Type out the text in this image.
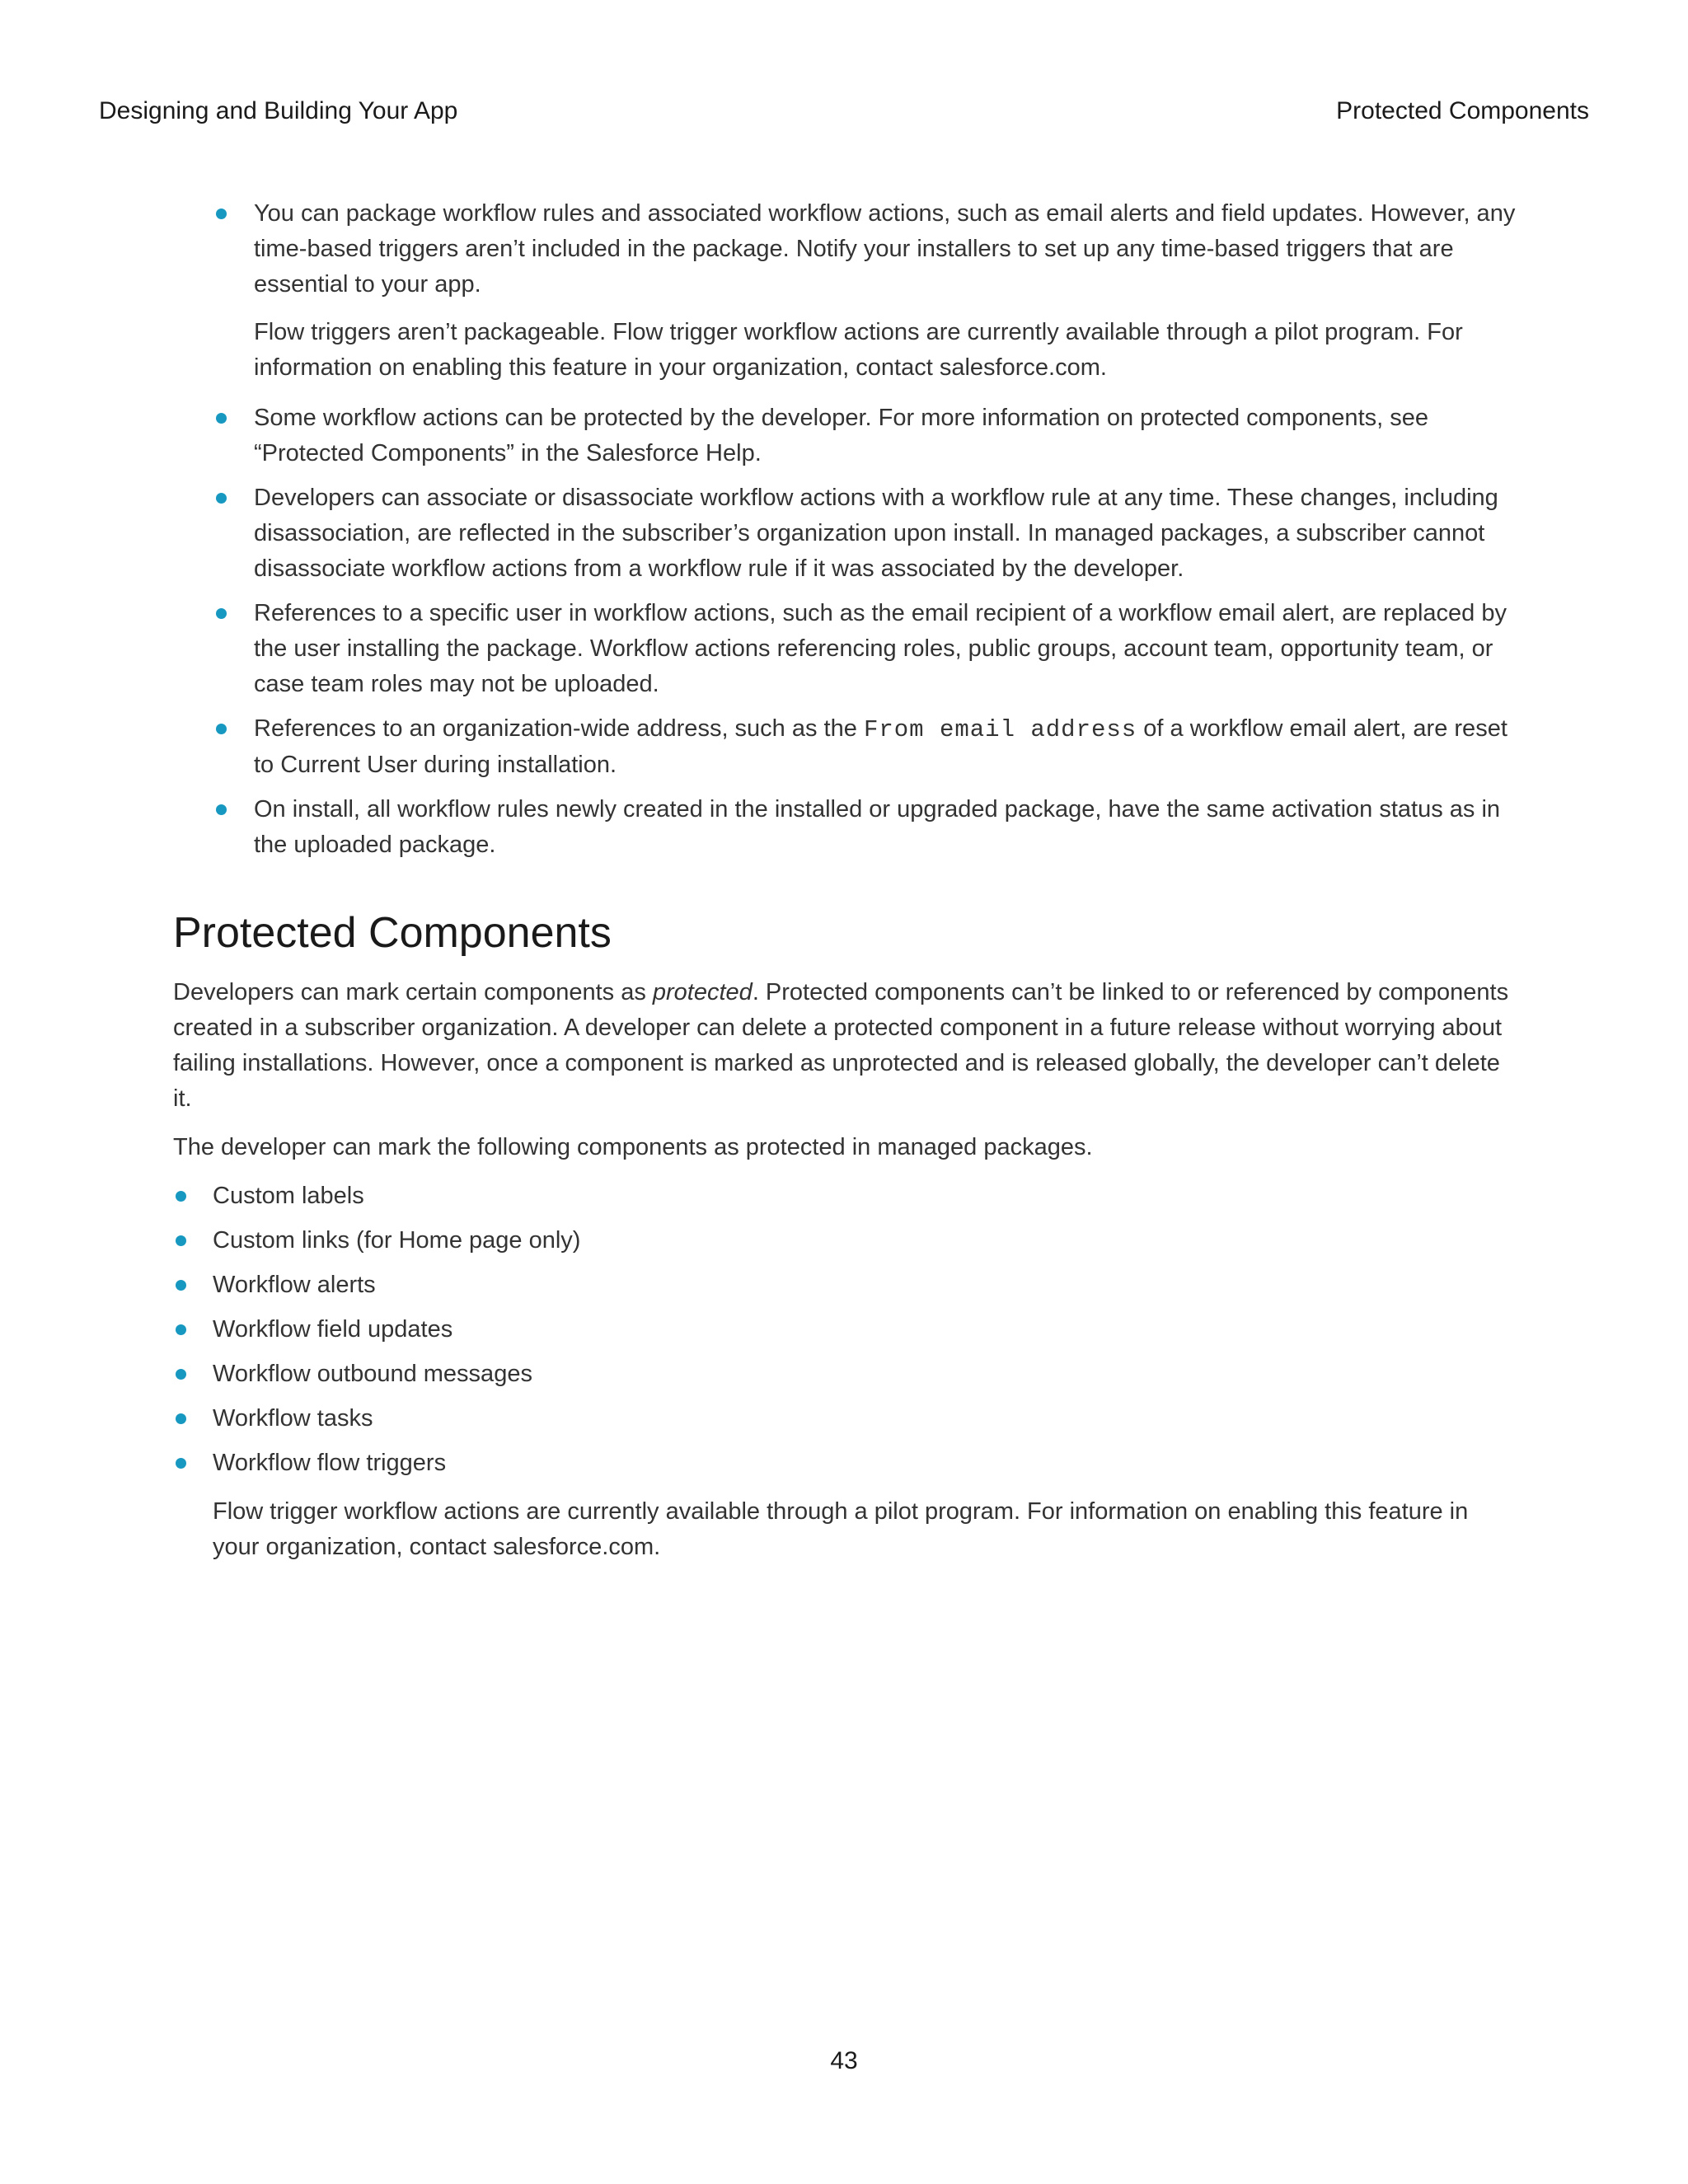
Designing and Building Your App	Protected Components

You can package workflow rules and associated workflow actions, such as email alerts and field updates. However, any time-based triggers aren’t included in the package. Notify your installers to set up any time-based triggers that are essential to your app.

Flow triggers aren’t packageable. Flow trigger workflow actions are currently available through a pilot program. For information on enabling this feature in your organization, contact salesforce.com.

Some workflow actions can be protected by the developer. For more information on protected components, see “Protected Components” in the Salesforce Help.

Developers can associate or disassociate workflow actions with a workflow rule at any time. These changes, including disassociation, are reflected in the subscriber’s organization upon install. In managed packages, a subscriber cannot disassociate workflow actions from a workflow rule if it was associated by the developer.

References to a specific user in workflow actions, such as the email recipient of a workflow email alert, are replaced by the user installing the package. Workflow actions referencing roles, public groups, account team, opportunity team, or case team roles may not be uploaded.

References to an organization-wide address, such as the From email address of a workflow email alert, are reset to Current User during installation.

On install, all workflow rules newly created in the installed or upgraded package, have the same activation status as in the uploaded package.

Protected Components

Developers can mark certain components as protected. Protected components can’t be linked to or referenced by components created in a subscriber organization. A developer can delete a protected component in a future release without worrying about failing installations. However, once a component is marked as unprotected and is released globally, the developer can’t delete it.

The developer can mark the following components as protected in managed packages.

Custom labels

Custom links (for Home page only)

Workflow alerts

Workflow field updates

Workflow outbound messages

Workflow tasks

Workflow flow triggers

Flow trigger workflow actions are currently available through a pilot program. For information on enabling this feature in your organization, contact salesforce.com.

43
